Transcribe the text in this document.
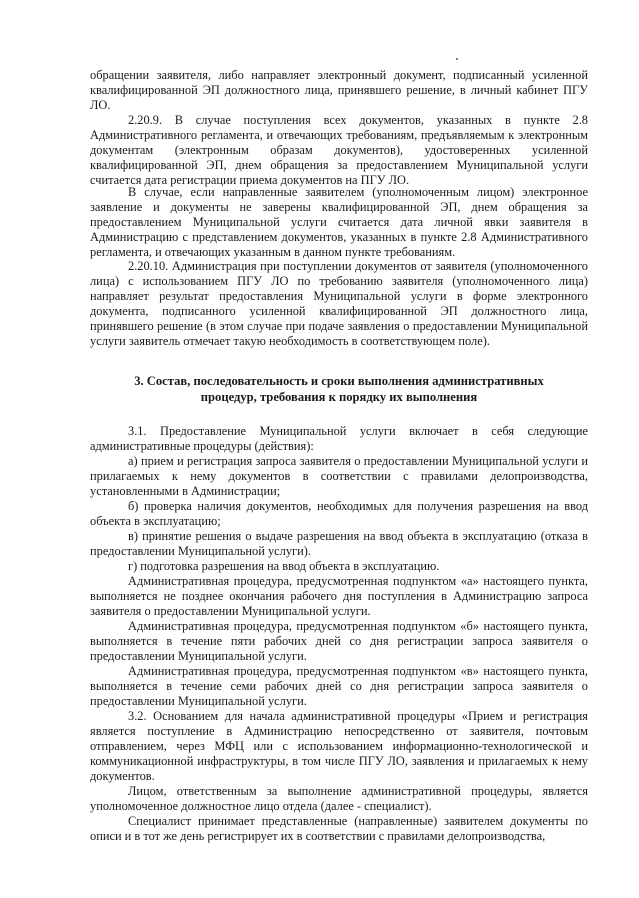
обращении заявителя, либо направляет электронный документ, подписанный усиленной квалифицированной ЭП должностного лица, принявшего решение, в личный кабинет ПГУ ЛО.

2.20.9. В случае поступления всех документов, указанных в пункте 2.8 Административного регламента, и отвечающих требованиям, предъявляемым к электронным документам (электронным образам документов), удостоверенных усиленной квалифицированной ЭП, днем обращения за предоставлением Муниципальной услуги считается дата регистрации приема документов на ПГУ ЛО.

В случае, если направленные заявителем (уполномоченным лицом) электронное заявление и документы не заверены квалифицированной ЭП, днем обращения за предоставлением Муниципальной услуги считается дата личной явки заявителя в Администрацию с представлением документов, указанных в пункте 2.8 Административного регламента, и отвечающих указанным в данном пункте требованиям.

2.20.10. Администрация при поступлении документов от заявителя (уполномоченного лица) с использованием ПГУ ЛО по требованию заявителя (уполномоченного лица) направляет результат предоставления Муниципальной услуги в форме электронного документа, подписанного усиленной квалифицированной ЭП должностного лица, принявшего решение (в этом случае при подаче заявления о предоставлении Муниципальной услуги заявитель отмечает такую необходимость в соответствующем поле).

3. Состав, последовательность и сроки выполнения административных
процедур, требования к порядку их выполнения

3.1. Предоставление Муниципальной услуги включает в себя следующие административные процедуры (действия):

а) прием и регистрация запроса заявителя о предоставлении Муниципальной услуги и прилагаемых к нему документов в соответствии с правилами делопроизводства, установленными в Администрации;

б) проверка наличия документов, необходимых для получения разрешения на ввод объекта в эксплуатацию;

в) принятие решения о выдаче разрешения на ввод объекта в эксплуатацию (отказа в предоставлении Муниципальной услуги).

г) подготовка разрешения на ввод объекта в эксплуатацию.

Административная процедура, предусмотренная подпунктом «а» настоящего пункта, выполняется не позднее окончания рабочего дня поступления в Администрацию запроса заявителя о предоставлении Муниципальной услуги.

Административная процедура, предусмотренная подпунктом «б» настоящего пункта, выполняется в течение пяти рабочих дней со дня регистрации запроса заявителя о предоставлении Муниципальной услуги.

Административная процедура, предусмотренная подпунктом «в» настоящего пункта, выполняется в течение семи рабочих дней со дня регистрации запроса заявителя о предоставлении Муниципальной услуги.

3.2. Основанием для начала административной процедуры «Прием и регистрация является поступление в Администрацию непосредственно от заявителя, почтовым отправлением, через МФЦ или с использованием информационно-технологической и коммуникационной инфраструктуры, в том числе ПГУ ЛО, заявления и прилагаемых к нему документов.

Лицом, ответственным за выполнение административной процедуры, является уполномоченное должностное лицо отдела (далее - специалист).

Специалист принимает представленные (направленные) заявителем документы по описи и в тот же день регистрирует их в соответствии с правилами делопроизводства,
